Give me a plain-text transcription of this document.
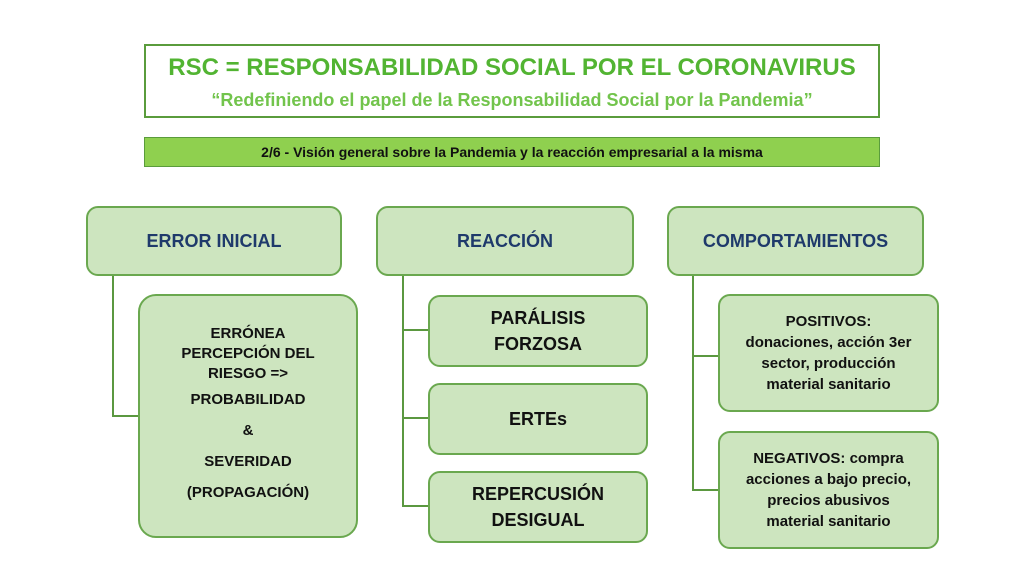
RSC = RESPONSABILIDAD SOCIAL POR EL CORONAVIRUS
“Redefiniendo el papel de la Responsabilidad Social por la Pandemia”
2/6 - Visión general sobre la Pandemia y la reacción empresarial a la misma
ERROR INICIAL
ERRÓNEA
PERCEPCIÓN DEL
RIESGO =>
PROBABILIDAD
&
SEVERIDAD
(PROPAGACIÓN)
REACCIÓN
PARÁLISIS
FORZOSA
ERTEs
REPERCUSIÓN
DESIGUAL
COMPORTAMIENTOS
POSITIVOS:
donaciones, acción 3er
sector, producción
material sanitario
NEGATIVOS: compra
acciones a bajo precio,
precios abusivos
material sanitario
